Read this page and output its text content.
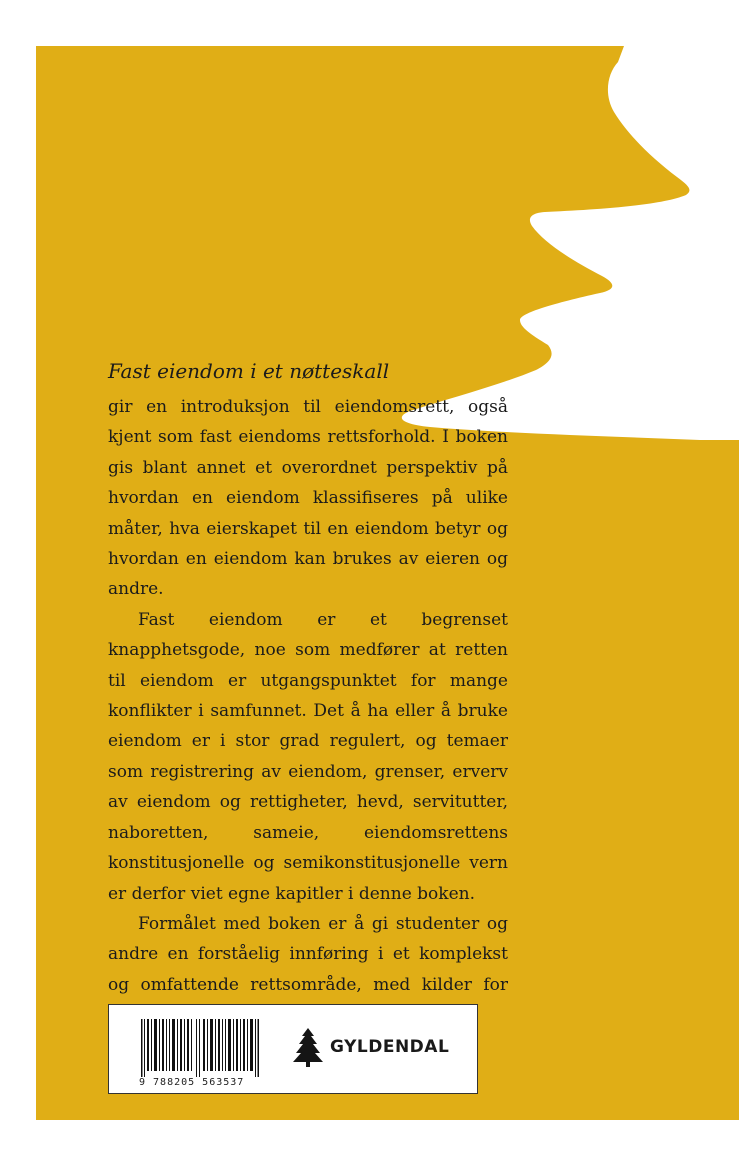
Fast eiendom i et nøtteskall

gir en introduksjon til eiendomsrett, også kjent som fast eiendoms rettsforhold. I boken gis blant annet et overordnet perspektiv på hvordan en eiendom klassifiseres på ulike måter, hva eierskapet til en eiendom betyr og hvordan en eiendom kan brukes av eieren og andre.

Fast eiendom er et begrenset knapphetsgode, noe som medfører at retten til eiendom er utgangspunktet for mange konflikter i samfunnet. Det å ha eller å bruke eiendom er i stor grad regulert, og temaer som registrering av eiendom, grenser, erverv av eiendom og rettigheter, hevd, servitutter, naboretten, sameie, eiendomsrettens konstitusjonelle og semikonstitusjonelle vern er derfor viet egne kapitler i denne boken.

Formålet med boken er å gi studenter og andre en forståelig innføring i et komplekst og omfattende rettsområde, med kilder for

9 788205 563537
GYLDENDAL
